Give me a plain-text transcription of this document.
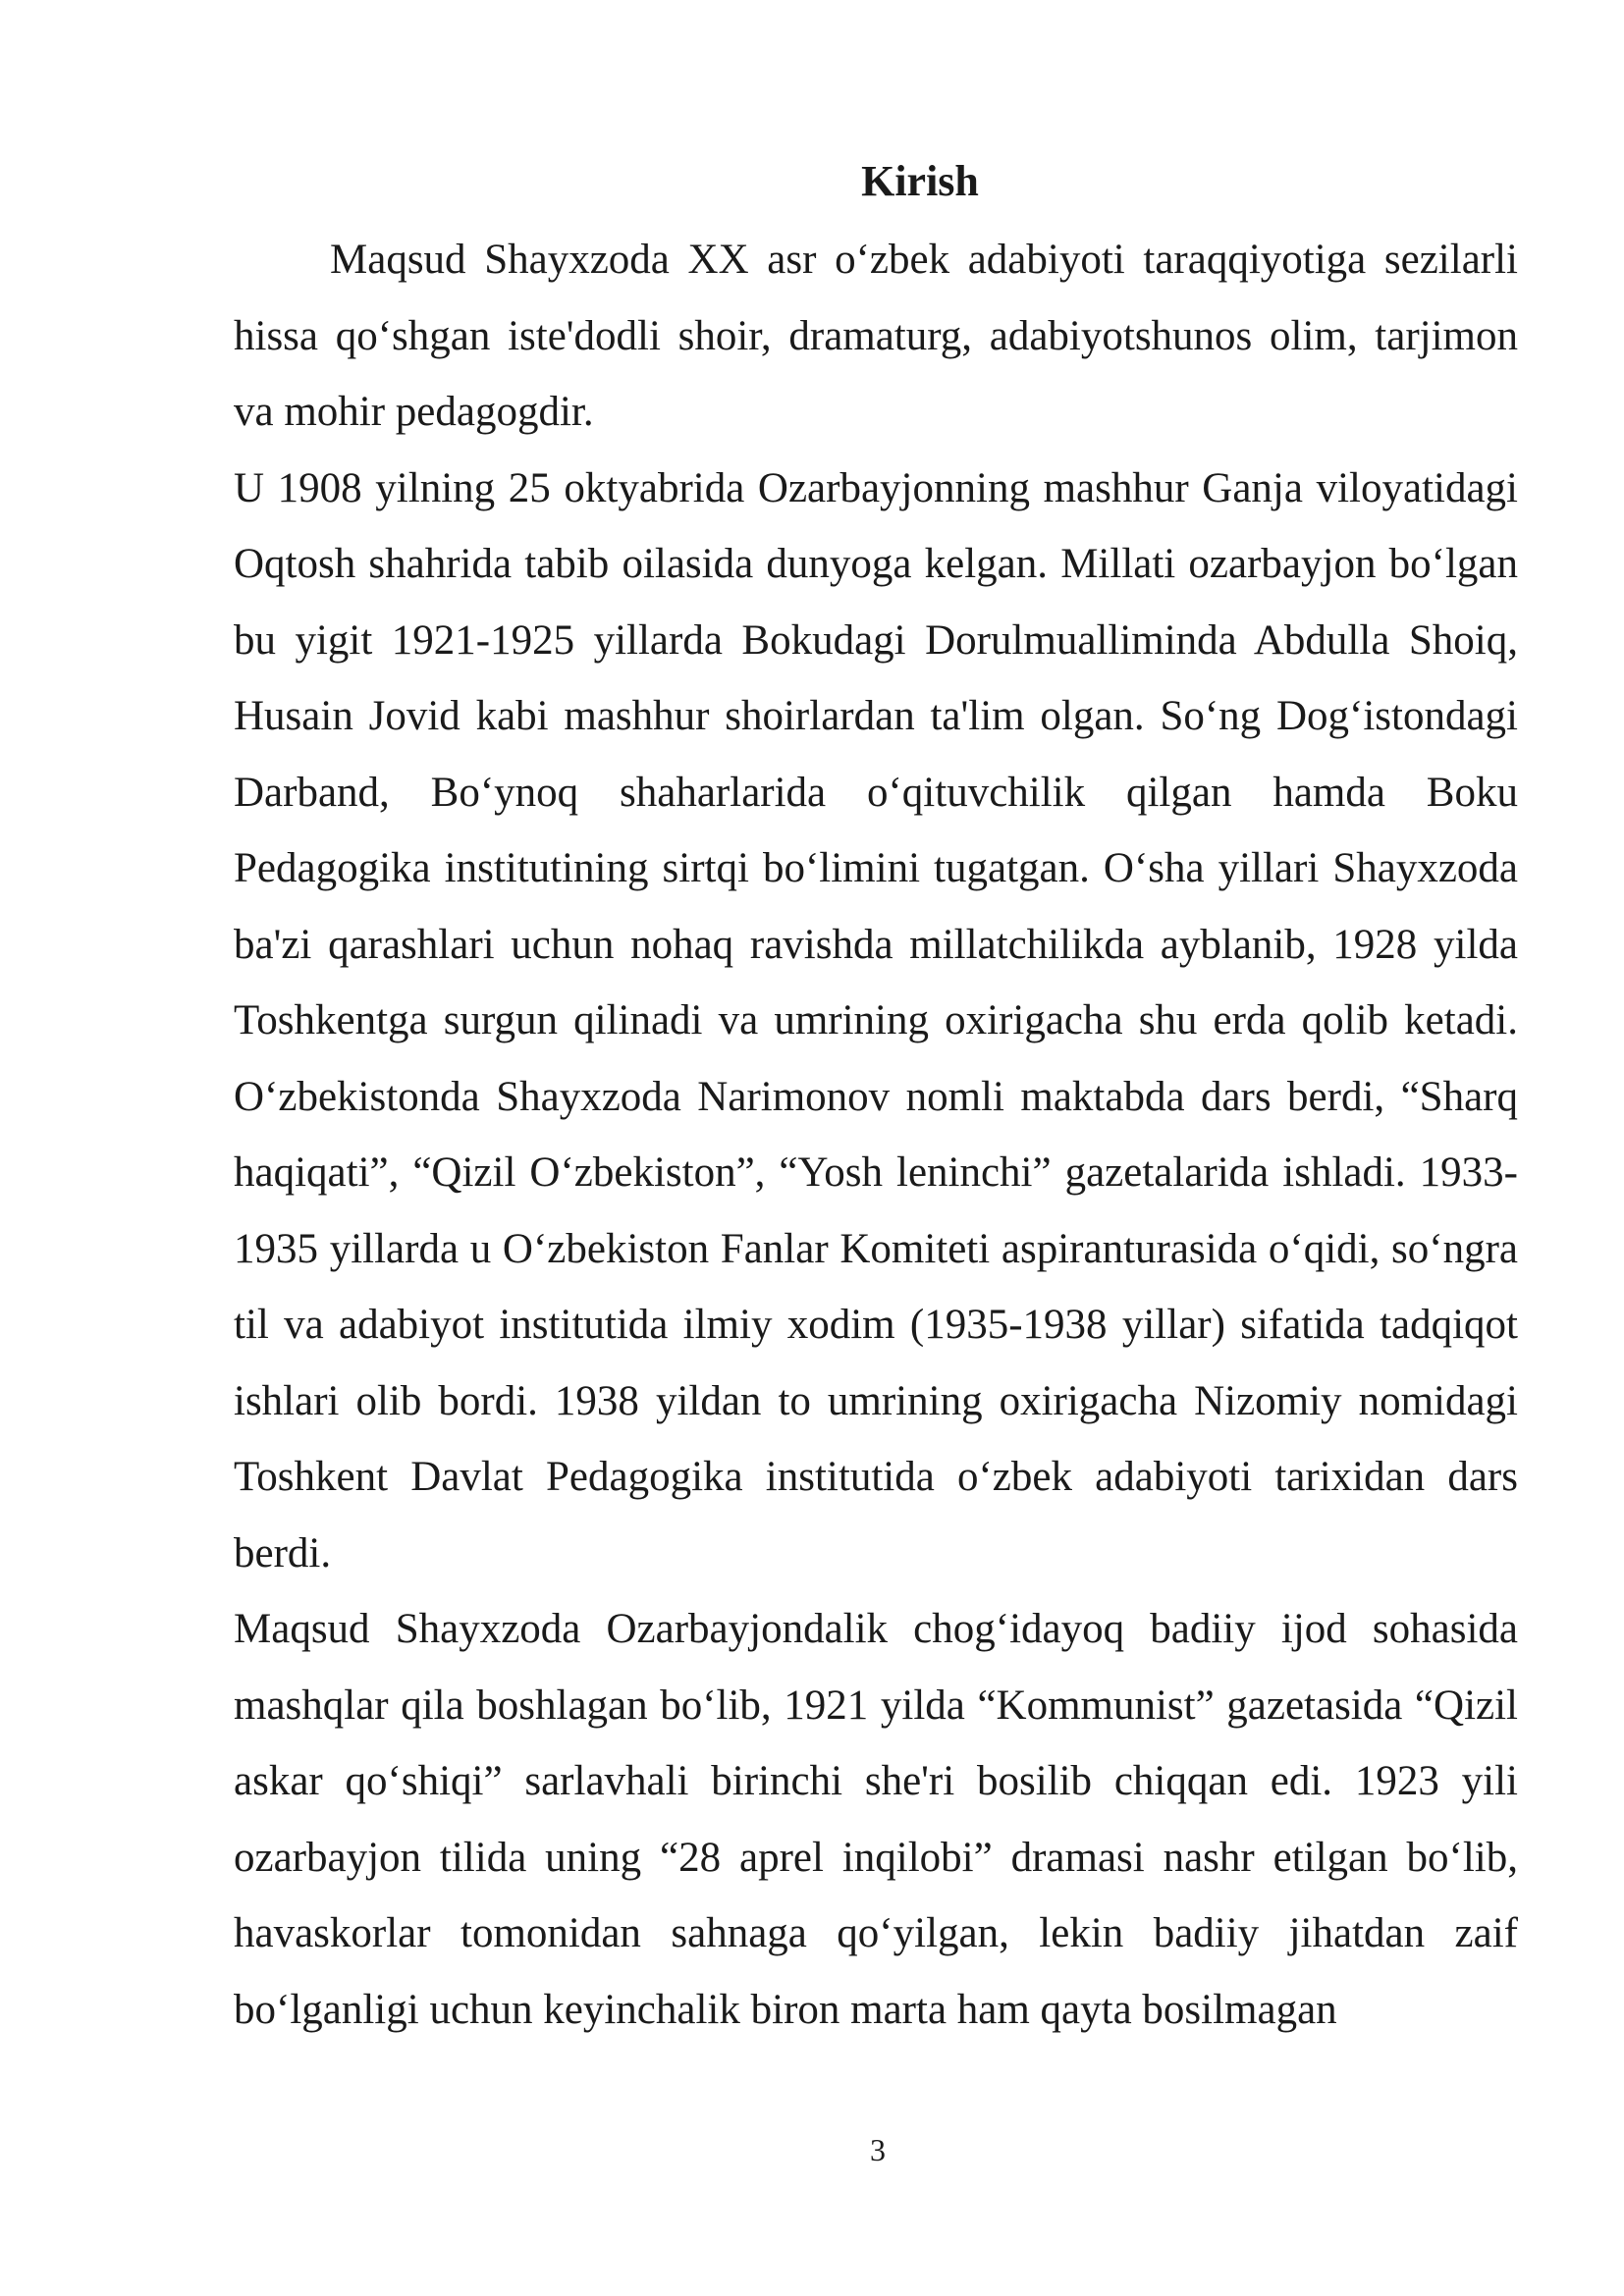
Kirish

Maqsud Shayxzoda XX asr o‘zbek adabiyoti taraqqiyotiga sezilarli hissa qo‘shgan iste'dodli shoir, dramaturg, adabiyotshunos olim, tarjimon va mohir pedagogdir.

U 1908 yilning 25 oktyabrida Ozarbayjonning mashhur Ganja viloyatidagi Oqtosh shahrida tabib oilasida dunyoga kelgan. Millati ozarbayjon bo‘lgan bu yigit 1921-1925 yillarda Bokudagi Dorulmualliminda Abdulla Shoiq, Husain Jovid kabi mashhur shoirlardan ta'lim olgan. So‘ng Dog‘istondagi Darband, Bo‘ynoq shaharlarida o‘qituvchilik qilgan hamda Boku Pedagogika institutining sirtqi bo‘limini tugatgan. O‘sha yillari Shayxzoda ba'zi qarashlari uchun nohaq ravishda millatchilikda ayblanib, 1928 yilda Toshkentga surgun qilinadi va umrining oxirigacha shu erda qolib ketadi. O‘zbekistonda Shayxzoda Narimonov nomli maktabda dars berdi, “Sharq haqiqati”, “Qizil O‘zbekiston”, “Yosh leninchi” gazetalarida ishladi. 1933-1935 yillarda u O‘zbekiston Fanlar Komiteti aspiranturasida o‘qidi, so‘ngra til va adabiyot institutida ilmiy xodim (1935-1938 yillar) sifatida tadqiqot ishlari olib bordi. 1938 yildan to umrining oxirigacha Nizomiy nomidagi Toshkent Davlat Pedagogika institutida o‘zbek adabiyoti tarixidan dars berdi.

Maqsud Shayxzoda Ozarbayjondalik chog‘idayoq badiiy ijod sohasida mashqlar qila boshlagan bo‘lib, 1921 yilda “Kommunist” gazetasida “Qizil askar qo‘shiqi” sarlavhali birinchi she'ri bosilib chiqqan edi. 1923 yili ozarbayjon tilida uning “28 aprel inqilobi” dramasi nashr etilgan bo‘lib, havaskorlar tomonidan sahnaga qo‘yilgan, lekin badiiy jihatdan zaif bo‘lganligi uchun keyinchalik biron marta ham qayta bosilmagan

3
